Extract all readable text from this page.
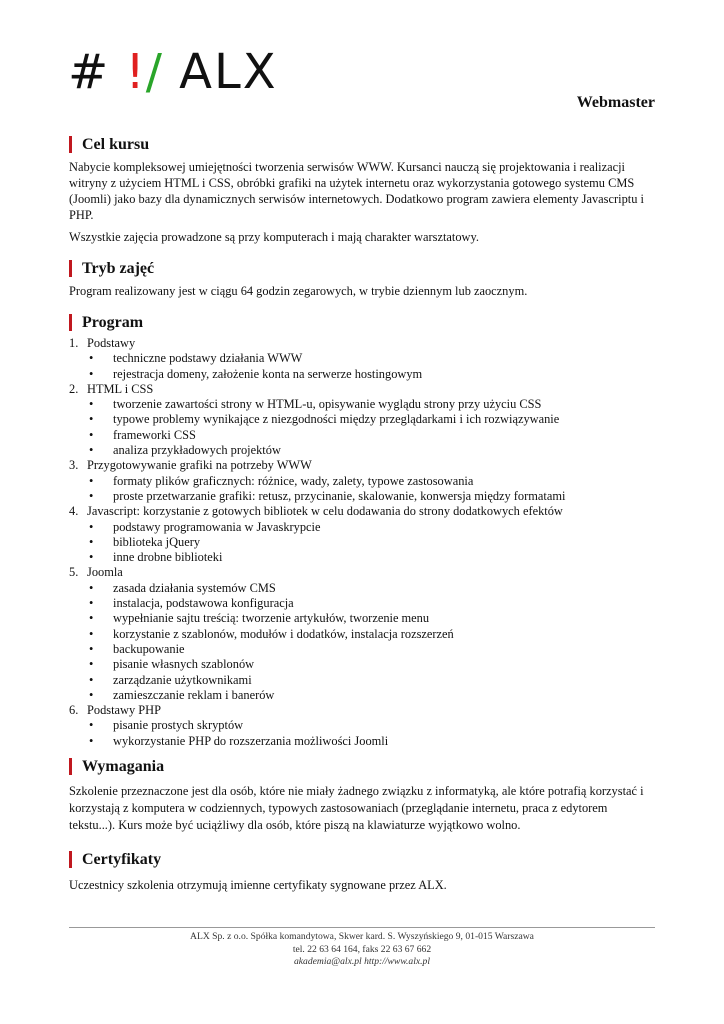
# !/ ALX
Webmaster
Cel kursu

Nabycie kompleksowej umiejętności tworzenia serwisów WWW. Kursanci nauczą się projektowania i realizacji witryny z użyciem HTML i CSS, obróbki grafiki na użytek internetu oraz wykorzystania gotowego systemu CMS (Joomli) jako bazy dla dynamicznych serwisów internetowych. Dodatkowo program zawiera elementy Javascriptu i PHP.

Wszystkie zajęcia prowadzone są przy komputerach i mają charakter warsztatowy.

Tryb zajęć

Program realizowany jest w ciągu 64 godzin zegarowych, w trybie dziennym lub zaocznym.

Program
1. Podstawy
• techniczne podstawy działania WWW
• rejestracja domeny, założenie konta na serwerze hostingowym
2. HTML i CSS
• tworzenie zawartości strony w HTML-u, opisywanie wyglądu strony przy użyciu CSS
• typowe problemy wynikające z niezgodności między przeglądarkami i ich rozwiązywanie
• frameworki CSS
• analiza przykładowych projektów
3. Przygotowywanie grafiki na potrzeby WWW
• formaty plików graficznych: różnice, wady, zalety, typowe zastosowania
• proste przetwarzanie grafiki: retusz, przycinanie, skalowanie, konwersja między formatami
4. Javascript: korzystanie z gotowych bibliotek w celu dodawania do strony dodatkowych efektów
• podstawy programowania w Javaskrypcie
• biblioteka jQuery
• inne drobne biblioteki
5. Joomla
• zasada działania systemów CMS
• instalacja, podstawowa konfiguracja
• wypełnianie sajtu treścią: tworzenie artykułów, tworzenie menu
• korzystanie z szablonów, modułów i dodatków, instalacja rozszerzeń
• backupowanie
• pisanie własnych szablonów
• zarządzanie użytkownikami
• zamieszczanie reklam i banerów
6. Podstawy PHP
• pisanie prostych skryptów
• wykorzystanie PHP do rozszerzania możliwości Joomli
Wymagania

Szkolenie przeznaczone jest dla osób, które nie miały żadnego związku z informatyką, ale które potrafią korzystać i korzystają z komputera w codziennych, typowych zastosowaniach (przeglądanie internetu, praca z edytorem tekstu...). Kurs może być uciążliwy dla osób, które piszą na klawiaturze wyjątkowo wolno.

Certyfikaty

Uczestnicy szkolenia otrzymują imienne certyfikaty sygnowane przez ALX.

ALX Sp. z o.o. Spółka komandytowa, Skwer kard. S. Wyszyńskiego 9, 01-015 Warszawa
tel. 22 63 64 164, faks 22 63 67 662
akademia@alx.pl http://www.alx.pl
